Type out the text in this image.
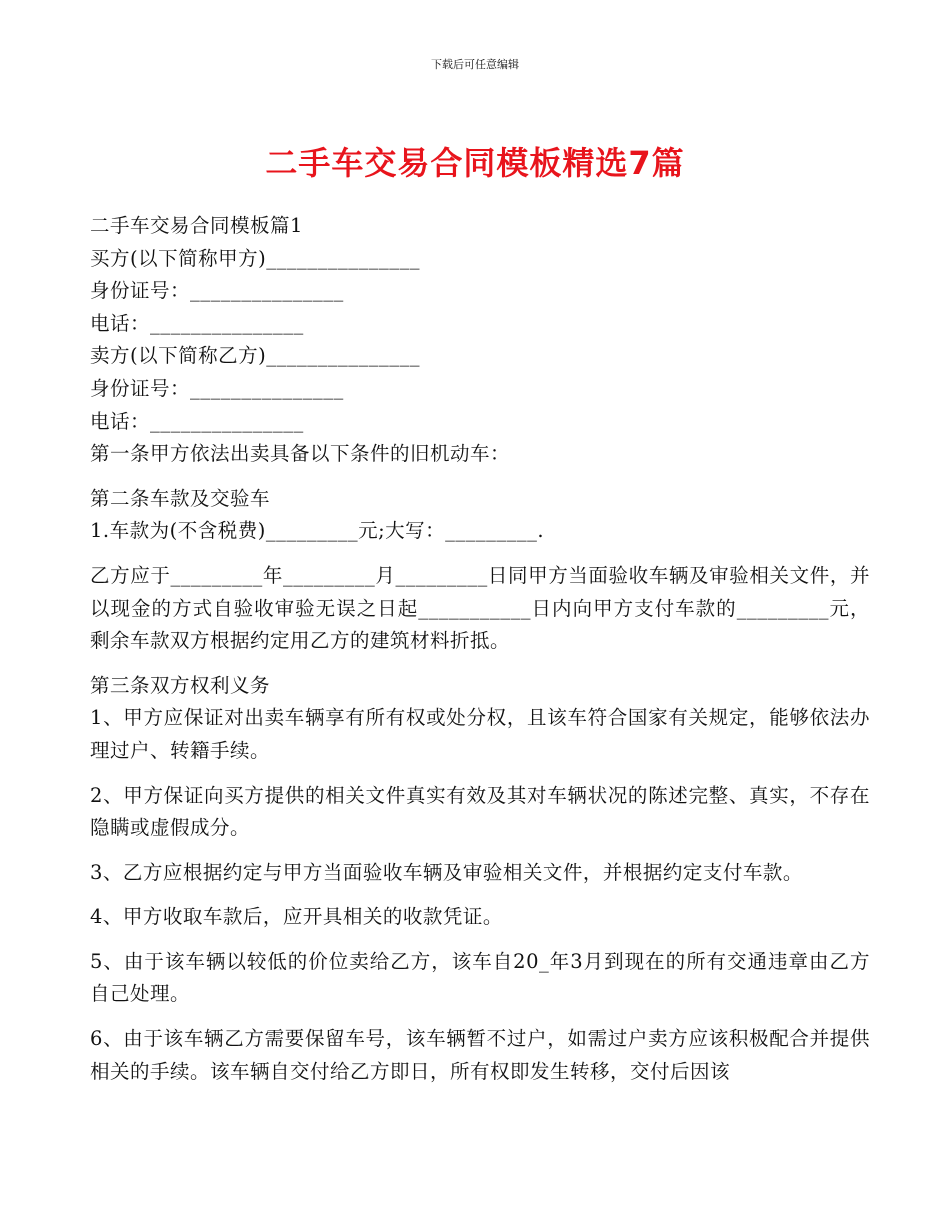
下载后可任意编辑
二手车交易合同模板精选7篇
二手车交易合同模板篇1
买方(以下简称甲方)_______________
身份证号：_______________
电话：_______________
卖方(以下简称乙方)_______________
身份证号：_______________
电话：_______________
第一条甲方依法出卖具备以下条件的旧机动车：
第二条车款及交验车
1.车款为(不含税费)_________元;大写：_________.

乙方应于_________年_________月_________日同甲方当面验收车辆及审验相关文件，并以现金的方式自验收审验无误之日起___________日内向甲方支付车款的_________元，剩余车款双方根据约定用乙方的建筑材料折抵。

第三条双方权利义务

1、甲方应保证对出卖车辆享有所有权或处分权，且该车符合国家有关规定，能够依法办理过户、转籍手续。

2、甲方保证向买方提供的相关文件真实有效及其对车辆状况的陈述完整、真实，不存在隐瞒或虚假成分。

3、乙方应根据约定与甲方当面验收车辆及审验相关文件，并根据约定支付车款。

4、甲方收取车款后，应开具相关的收款凭证。

5、由于该车辆以较低的价位卖给乙方，该车自20_年3月到现在的所有交通违章由乙方自己处理。

6、由于该车辆乙方需要保留车号，该车辆暂不过户，如需过户卖方应该积极配合并提供相关的手续。该车辆自交付给乙方即日，所有权即发生转移，交付后因该
